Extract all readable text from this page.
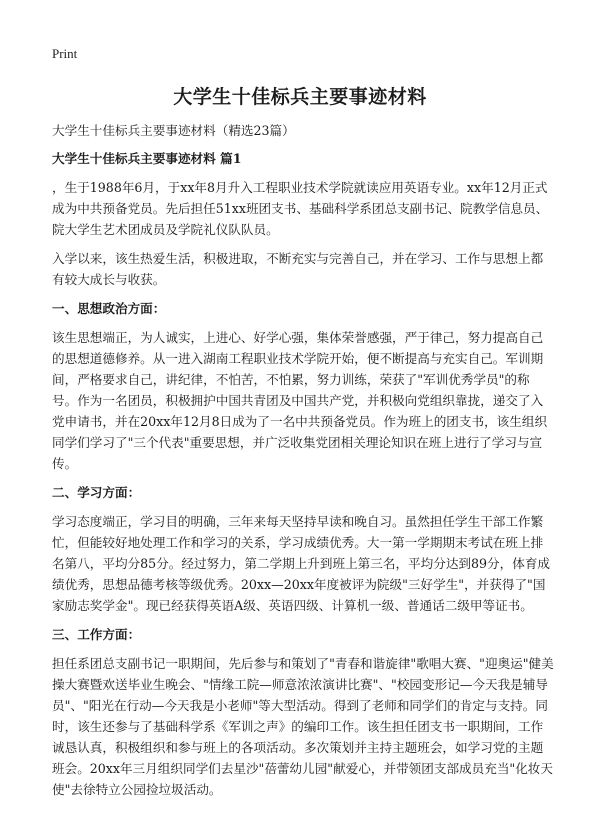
Print
大学生十佳标兵主要事迹材料

大学生十佳标兵主要事迹材料（精选23篇）

大学生十佳标兵主要事迹材料 篇1

，生于1988年6月，于xx年8月升入工程职业技术学院就读应用英语专业。xx年12月正式成为中共预备党员。先后担任51xx班团支书、基础科学系团总支副书记、院教学信息员、院大学生艺术团成员及学院礼仪队队员。

入学以来，该生热爱生活，积极进取，不断充实与完善自己，并在学习、工作与思想上都有较大成长与收获。

一、思想政治方面：

该生思想端正，为人诚实，上进心、好学心强，集体荣誉感强，严于律己，努力提高自己的思想道德修养。从一进入湖南工程职业技术学院开始，便不断提高与充实自己。军训期间，严格要求自己，讲纪律，不怕苦，不怕累，努力训练，荣获了"军训优秀学员"的称号。作为一名团员，积极拥护中国共青团及中国共产党，并积极向党组织靠拢，递交了入党申请书，并在20xx年12月8日成为了一名中共预备党员。作为班上的团支书，该生组织同学们学习了"三个代表"重要思想，并广泛收集党团相关理论知识在班上进行了学习与宣传。

二、学习方面：

学习态度端正，学习目的明确，三年来每天坚持早读和晚自习。虽然担任学生干部工作繁忙，但能较好地处理工作和学习的关系，学习成绩优秀。大一第一学期期末考试在班上排名第八，平均分85分。经过努力，第二学期上升到班上第三名，平均分达到89分，体育成绩优秀，思想品德考核等级优秀。20xx—20xx年度被评为院级"三好学生"，并获得了"国家励志奖学金"。现已经获得英语A级、英语四级、计算机一级、普通话二级甲等证书。

三、工作方面：

担任系团总支副书记一职期间，先后参与和策划了"青春和谐旋律"歌唱大赛、"迎奥运"健美操大赛暨欢送毕业生晚会、"情缘工院—师意浓浓演讲比赛"、"校园变形记—今天我是辅导员"、"阳光在行动—今天我是小老师"等大型活动。得到了老师和同学们的肯定与支持。同时，该生还参与了基础科学系《军训之声》的编印工作。该生担任团支书一职期间，工作诚恳认真，积极组织和参与班上的各项活动。多次策划并主持主题班会，如学习党的主题班会。20xx年三月组织同学们去星沙"蓓蕾幼儿园"献爱心，并带领团支部成员充当"化妆天使"去徐特立公园捡垃圾活动。
